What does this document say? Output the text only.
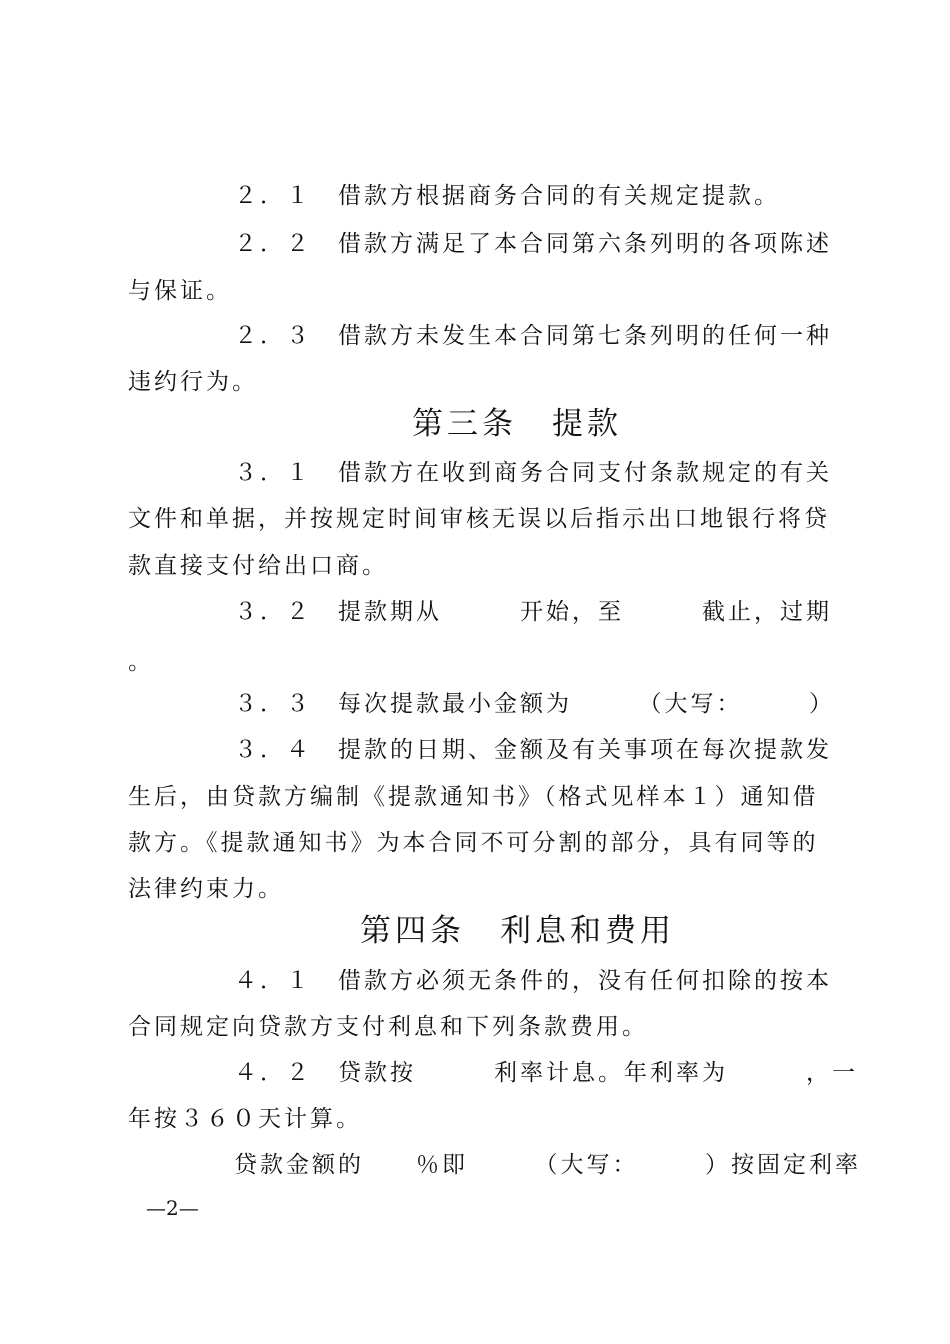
２．１　借款方根据商务合同的有关规定提款。
２．２　借款方满足了本合同第六条列明的各项陈述
与保证。
２．３　借款方未发生本合同第七条列明的任何一种
违约行为。
第三条　提款
３．１　借款方在收到商务合同支付条款规定的有关
文件和单据，并按规定时间审核无误以后指示出口地银行将贷
款直接支付给出口商。
３．２　提款期从　　　开始，至　　　截止，过期
。
３．３　每次提款最小金额为　　　（大写：　　　）
３．４　提款的日期、金额及有关事项在每次提款发
生后，由贷款方编制《提款通知书》（格式见样本１）通知借
款方。《提款通知书》为本合同不可分割的部分，具有同等的
法律约束力。
第四条　利息和费用
４．１　借款方必须无条件的，没有任何扣除的按本
合同规定向贷款方支付利息和下列条款费用。
４．２　贷款按　　　利率计息。年利率为　　　，一
年按３６０天计算。
贷款金额的　　％即　　　（大写：　　　）按固定利率
—2—
